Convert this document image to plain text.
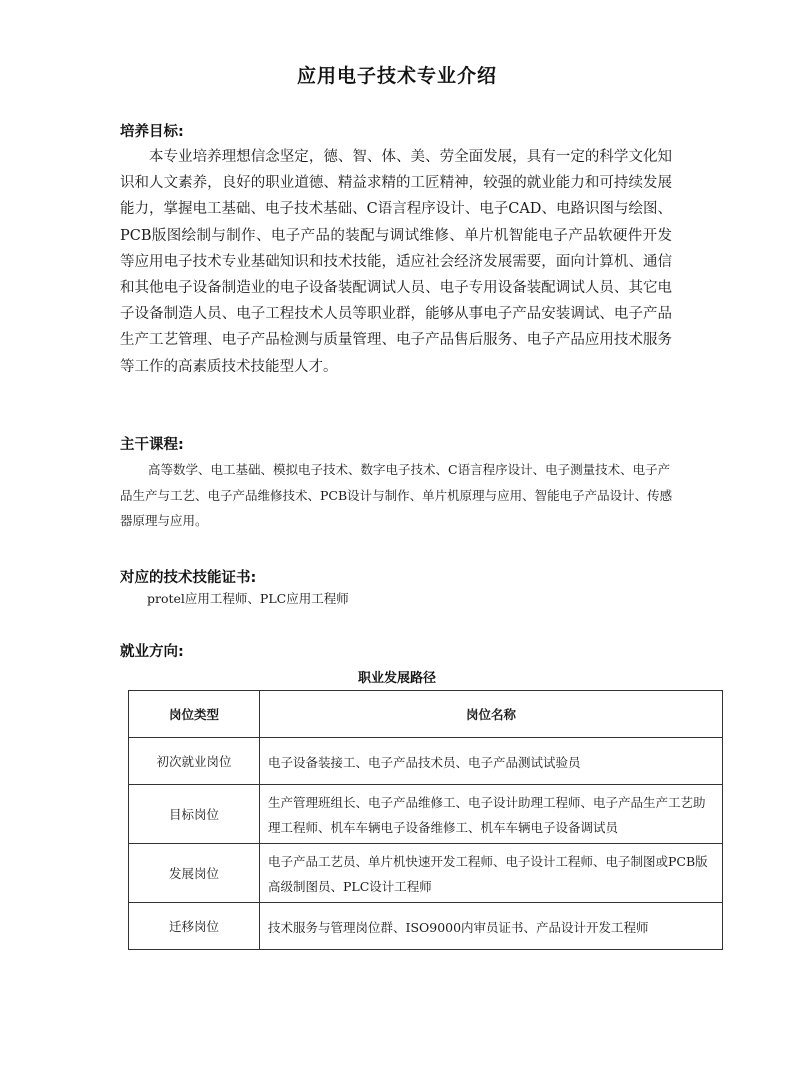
应用电子技术专业介绍
培养目标:
本专业培养理想信念坚定，德、智、体、美、劳全面发展，具有一定的科学文化知识和人文素养，良好的职业道德、精益求精的工匠精神，较强的就业能力和可持续发展能力，掌握电工基础、电子技术基础、C语言程序设计、电子CAD、电路识图与绘图、PCB版图绘制与制作、电子产品的装配与调试维修、单片机智能电子产品软硬件开发等应用电子技术专业基础知识和技术技能，适应社会经济发展需要，面向计算机、通信和其他电子设备制造业的电子设备装配调试人员、电子专用设备装配调试人员、其它电子设备制造人员、电子工程技术人员等职业群，能够从事电子产品安装调试、电子产品生产工艺管理、电子产品检测与质量管理、电子产品售后服务、电子产品应用技术服务等工作的高素质技术技能型人才。
主干课程:
高等数学、电工基础、模拟电子技术、数字电子技术、C语言程序设计、电子测量技术、电子产品生产与工艺、电子产品维修技术、PCB设计与制作、单片机原理与应用、智能电子产品设计、传感器原理与应用。
对应的技术技能证书:
protel应用工程师、PLC应用工程师
就业方向:
职业发展路径
岗位类型	岗位名称
初次就业岗位	电子设备装接工、电子产品技术员、电子产品测试试验员
目标岗位	生产管理班组长、电子产品维修工、电子设计助理工程师、电子产品生产工艺助理工程师、机车车辆电子设备维修工、机车车辆电子设备调试员
发展岗位	电子产品工艺员、单片机快速开发工程师、电子设计工程师、电子制图或PCB版高级制图员、PLC设计工程师
迁移岗位	技术服务与管理岗位群、ISO9000内审员证书、产品设计开发工程师
